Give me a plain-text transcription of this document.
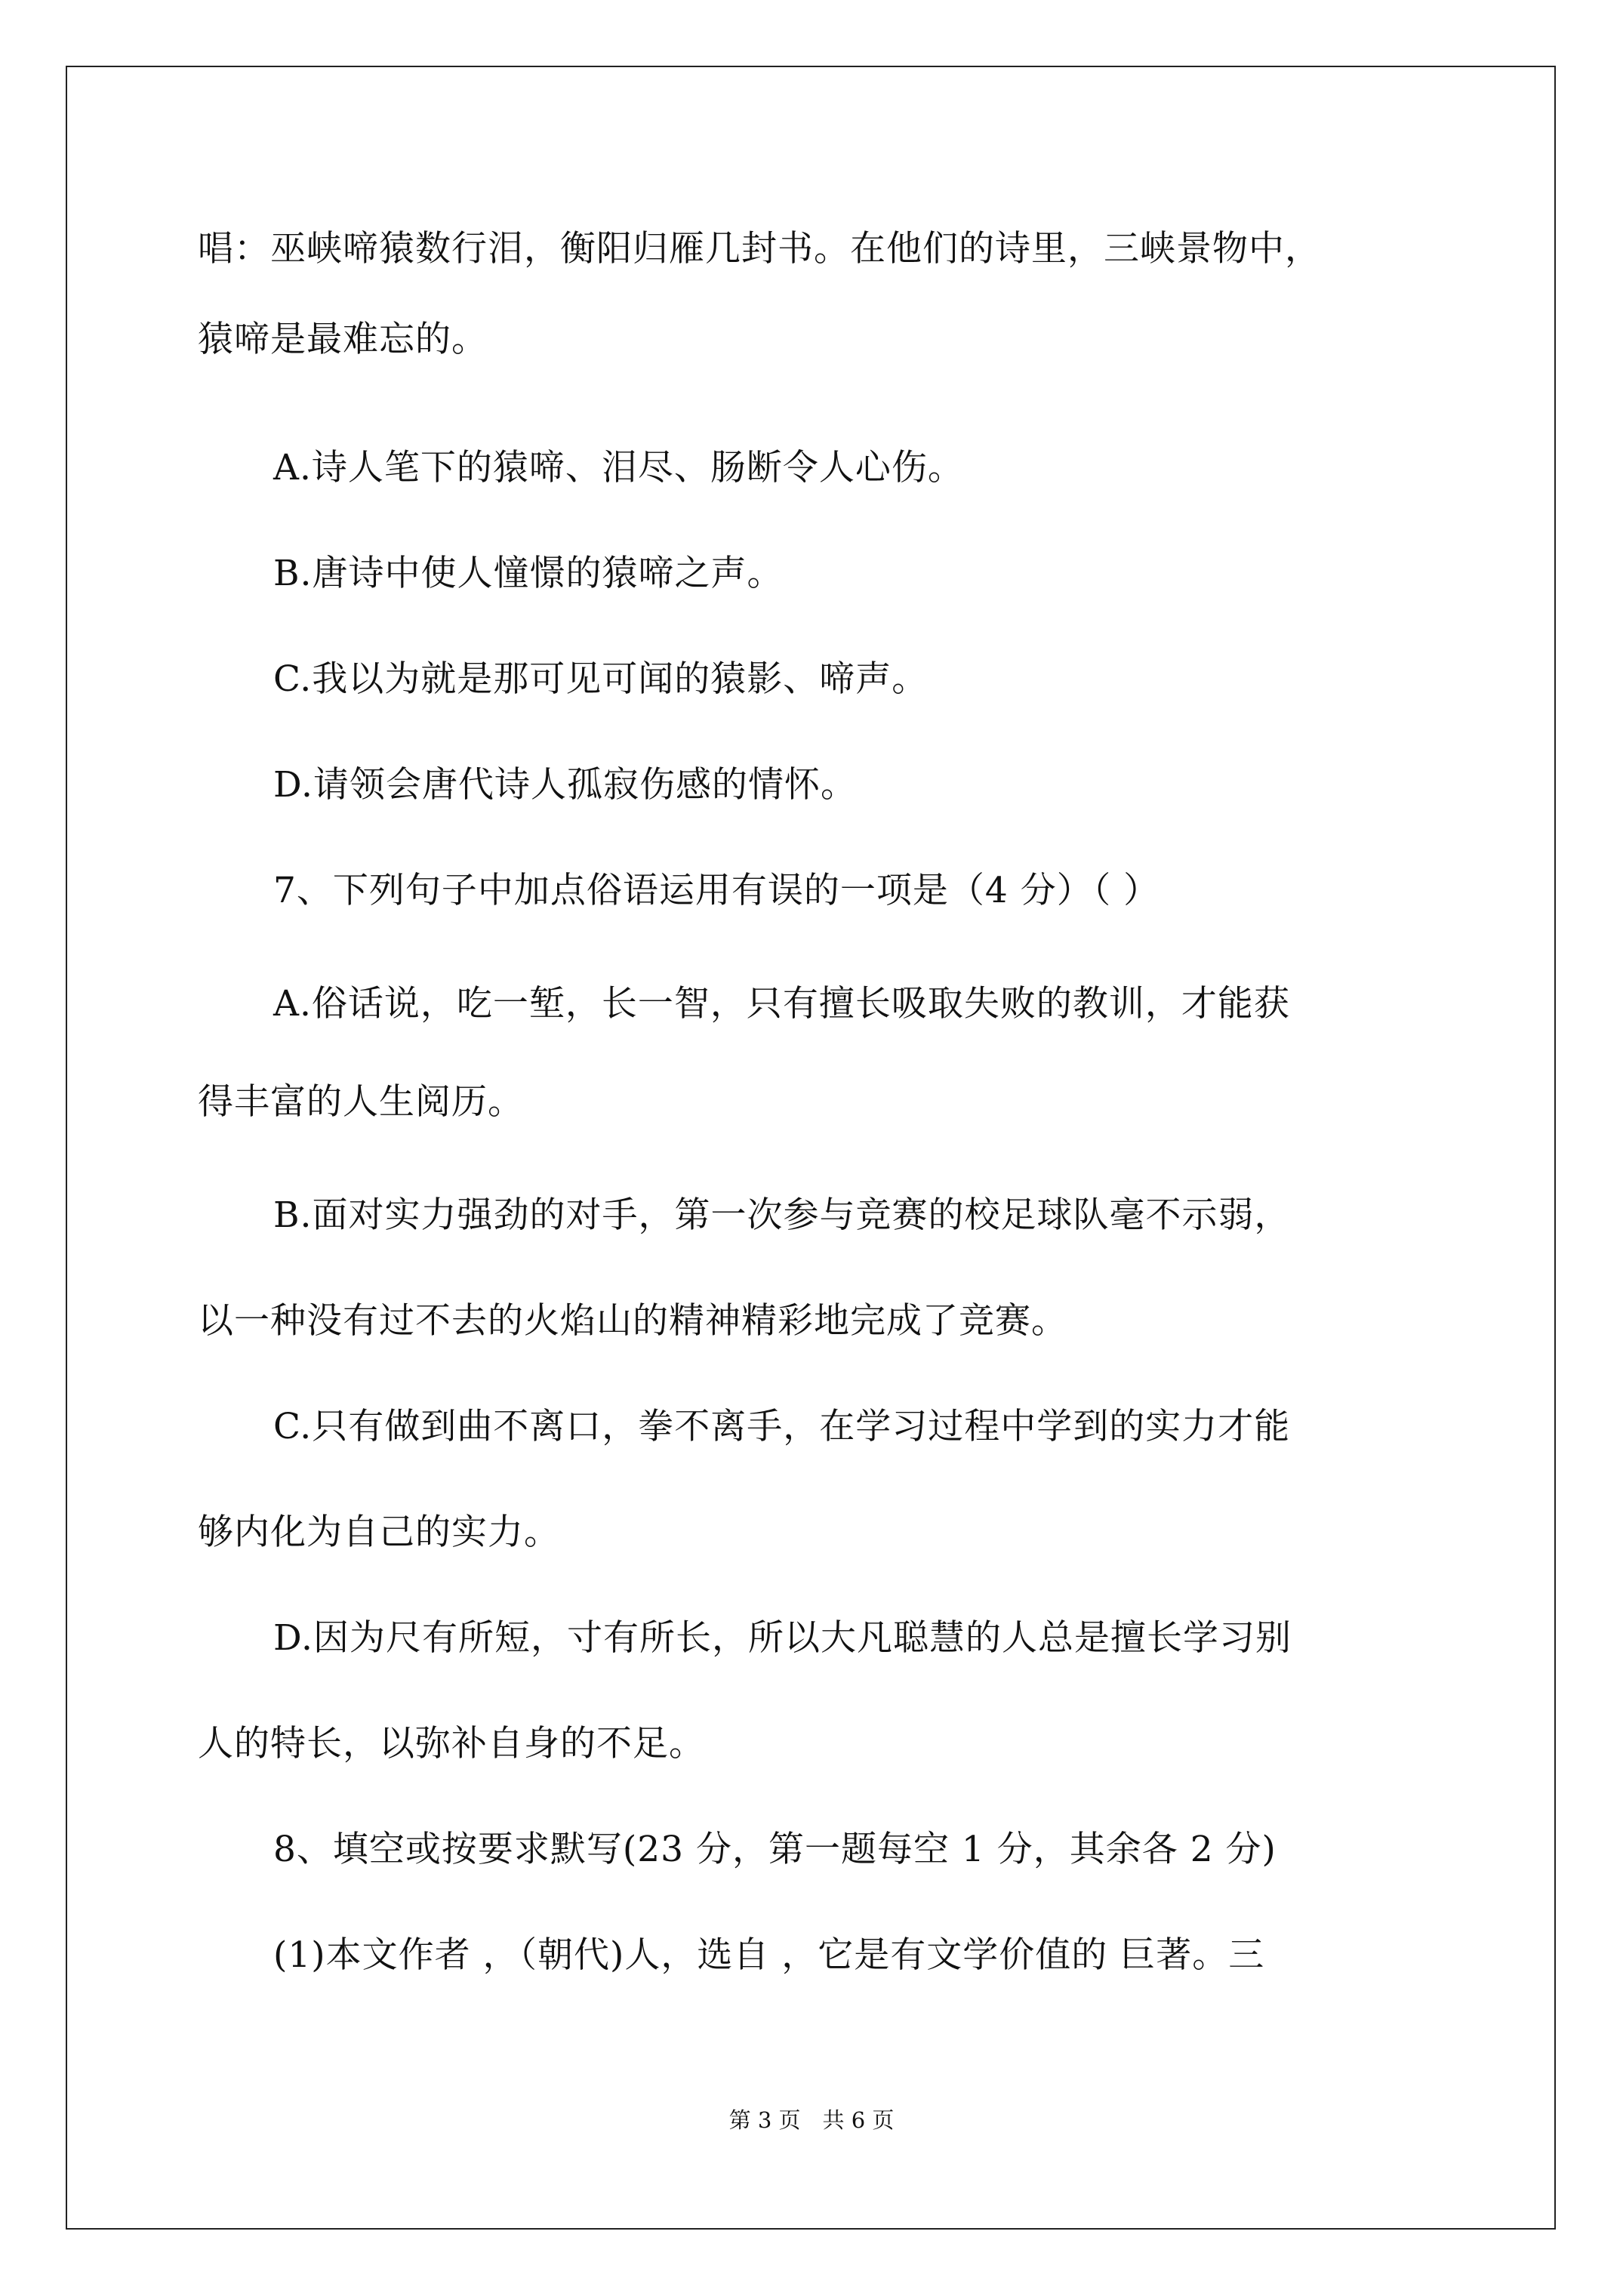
唱：巫峡啼猿数行泪，衡阳归雁几封书。在他们的诗里，三峡景物中，
猿啼是最难忘的。
A.诗人笔下的猿啼、泪尽、肠断令人心伤。
B.唐诗中使人憧憬的猿啼之声。
C.我以为就是那可见可闻的猿影、啼声。
D.请领会唐代诗人孤寂伤感的情怀。
7、下列句子中加点俗语运用有误的一项是（4 分）（ ）
A.俗话说，吃一堑，长一智，只有擅长吸取失败的教训，才能获
得丰富的人生阅历。
B.面对实力强劲的对手，第一次参与竞赛的校足球队毫不示弱，
以一种没有过不去的火焰山的精神精彩地完成了竞赛。
C.只有做到曲不离口，拳不离手，在学习过程中学到的实力才能
够内化为自己的实力。
D.因为尺有所短，寸有所长，所以大凡聪慧的人总是擅长学习别
人的特长，以弥补自身的不足。
8、填空或按要求默写(23 分，第一题每空 1 分，其余各 2 分)
(1)本文作者 ，（朝代)人，选自 ，它是有文学价值的 巨著。三
第 3 页　共 6 页
